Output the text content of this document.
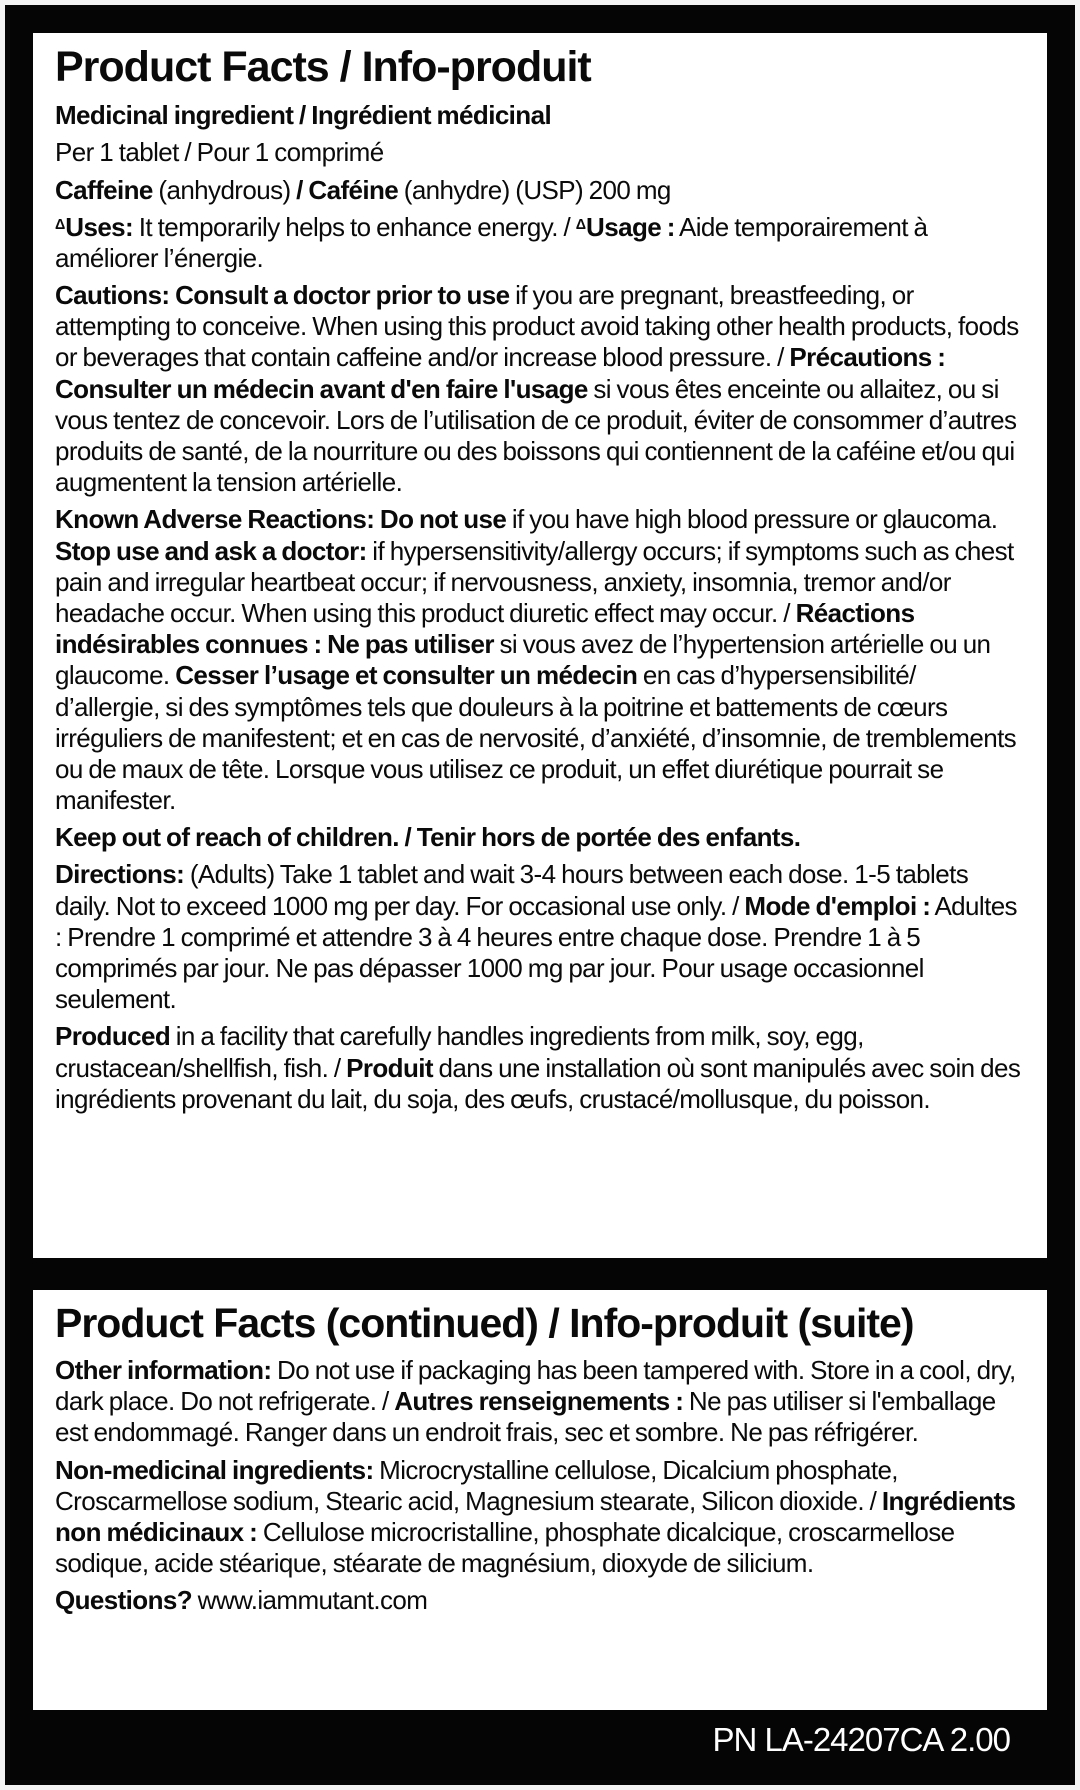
Product Facts / Info-produit

Medicinal ingredient / Ingrédient médicinal

Per 1 tablet / Pour 1 comprimé

Caffeine (anhydrous) / Caféine (anhydre) (USP) 200 mg

$^\Delta$Uses: It temporarily helps to enhance energy. / $^\Delta$Usage : Aide temporairement à améliorer l’énergie.

Cautions: Consult a doctor prior to use if you are pregnant, breastfeeding, or attempting to conceive. When using this product avoid taking other health products, foods or beverages that contain caffeine and/or increase blood pressure. / Précautions : Consulter un médecin avant d'en faire l'usage si vous êtes enceinte ou allaitez, ou si vous tentez de concevoir. Lors de l’utilisation de ce produit, éviter de consommer d’autres produits de santé, de la nourriture ou des boissons qui contiennent de la caféine et/ou qui augmentent la tension artérielle.

Known Adverse Reactions: Do not use if you have high blood pressure or glaucoma. Stop use and ask a doctor: if hypersensitivity/allergy occurs; if symptoms such as chest pain and irregular heartbeat occur; if nervousness, anxiety, insomnia, tremor and/or headache occur. When using this product diuretic effect may occur. / Réactions indésirables connues : Ne pas utiliser si vous avez de l’hypertension artérielle ou un glaucome. Cesser l’usage et consulter un médecin en cas d’hypersensibilité/ d’allergie, si des symptômes tels que douleurs à la poitrine et battements de cœurs irréguliers de manifestent; et en cas de nervosité, d’anxiété, d’insomnie, de tremblements ou de maux de tête. Lorsque vous utilisez ce produit, un effet diurétique pourrait se manifester.

Keep out of reach of children. / Tenir hors de portée des enfants.

Directions: (Adults) Take 1 tablet and wait 3-4 hours between each dose. 1-5 tablets daily. Not to exceed 1000 mg per day. For occasional use only. / Mode d'emploi : Adultes : Prendre 1 comprimé et attendre 3 à 4 heures entre chaque dose. Prendre 1 à 5 comprimés par jour. Ne pas dépasser 1000 mg par jour. Pour usage occasionnel seulement.

Produced in a facility that carefully handles ingredients from milk, soy, egg, crustacean/shellfish, fish. / Produit dans une installation où sont manipulés avec soin des ingrédients provenant du lait, du soja, des œufs, crustacé/mollusque, du poisson.

Product Facts (continued) / Info-produit (suite)

Other information: Do not use if packaging has been tampered with. Store in a cool, dry, dark place. Do not refrigerate. / Autres renseignements : Ne pas utiliser si l'emballage est endommagé. Ranger dans un endroit frais, sec et sombre. Ne pas réfrigérer.

Non-medicinal ingredients: Microcrystalline cellulose, Dicalcium phosphate, Croscarmellose sodium, Stearic acid, Magnesium stearate, Silicon dioxide. / Ingrédients non médicinaux : Cellulose microcristalline, phosphate dicalcique, croscarmellose sodique, acide stéarique, stéarate de magnésium, dioxyde de silicium.

Questions? www.iammutant.com

PN LA-24207CA 2.00
